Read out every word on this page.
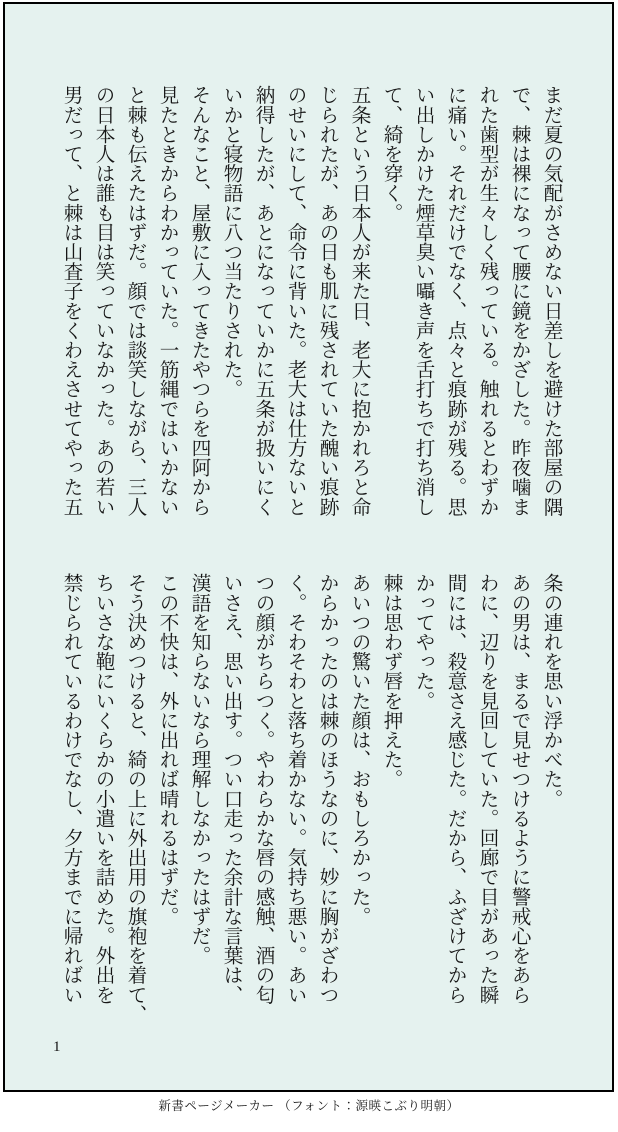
まだ夏の気配がさめない日差しを避けた部屋の隅

で、棘は裸になって腰に鏡をかざした。昨夜噛ま

れた歯型が生々しく残っている。触れるとわずか

に痛い。それだけでなく、点々と痕跡が残る。思

い出しかけた煙草臭い囁き声を舌打ちで打ち消し

て、綺を穿く。

五条という日本人が来た日、老大に抱かれろと命

じられたが、あの日も肌に残されていた醜い痕跡

のせいにして、命令に背いた。老大は仕方ないと

納得したが、あとになっていかに五条が扱いにく

いかと寝物語に八つ当たりされた。

そんなこと、屋敷に入ってきたやつらを四阿から

見たときからわかっていた。一筋縄ではいかない

と棘も伝えたはずだ。顔では談笑しながら、三人

の日本人は誰も目は笑っていなかった。あの若い

男だって、と棘は山査子をくわえさせてやった五

条の連れを思い浮かべた。

あの男は、まるで見せつけるように警戒心をあら

わに、辺りを見回していた。回廊で目があった瞬

間には、殺意さえ感じた。だから、ふざけてから

かってやった。

棘は思わず唇を押えた。

あいつの驚いた顔は、おもしろかった。

からかったのは棘のほうなのに、妙に胸がざわつ

く。そわそわと落ち着かない。気持ち悪い。あい

つの顔がちらつく。やわらかな唇の感触、酒の匂

いさえ、思い出す。つい口走った余計な言葉は、

漢語を知らないなら理解しなかったはずだ。

この不快は、外に出れば晴れるはずだ。

そう決めつけると、綺の上に外出用の旗袍を着て、

ちいさな鞄にいくらかの小遣いを詰めた。外出を

禁じられているわけでなし、夕方までに帰ればい

1
新書ページメーカー （フォント：源暎こぶり明朝）
